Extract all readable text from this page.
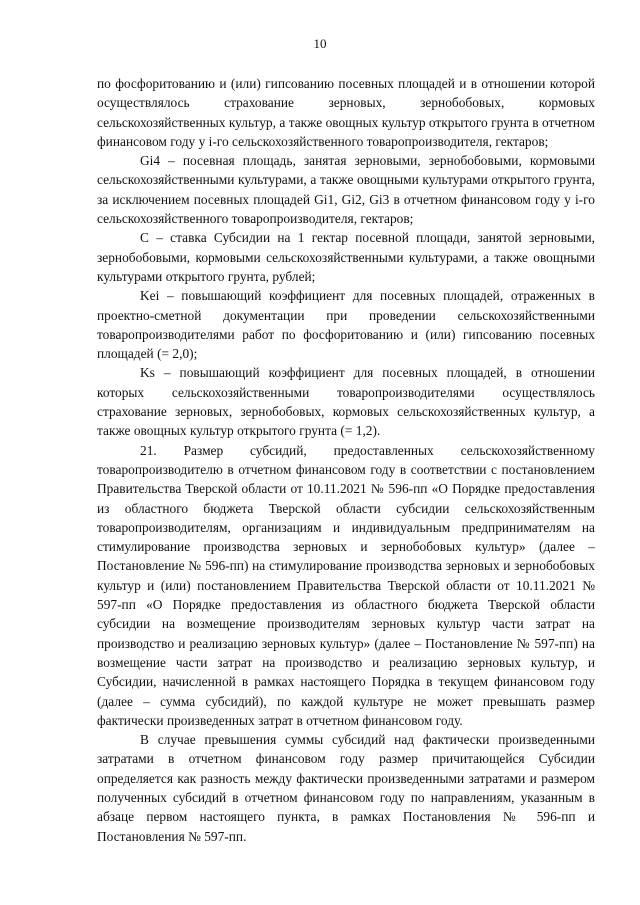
10

по фосфоритованию и (или) гипсованию посевных площадей и в отношении которой осуществлялось страхование зерновых, зернобобовых, кормовых сельскохозяйственных культур, а также овощных культур открытого грунта в отчетном финансовом году у i-го сельскохозяйственного товаропроизводителя, гектаров;

Gi4 – посевная площадь, занятая зерновыми, зернобобовыми, кормовыми сельскохозяйственными культурами, а также овощными культурами открытого грунта, за исключением посевных площадей Gi1, Gi2, Gi3 в отчетном финансовом году у i-го сельскохозяйственного товаропроизводителя, гектаров;

C – ставка Субсидии на 1 гектар посевной площади, занятой зерновыми, зернобобовыми, кормовыми сельскохозяйственными культурами, а также овощными культурами открытого грунта, рублей;

Kei – повышающий коэффициент для посевных площадей, отраженных в проектно-сметной документации при проведении сельскохозяйственными товаропроизводителями работ по фосфоритованию и (или) гипсованию посевных площадей (= 2,0);

Ks – повышающий коэффициент для посевных площадей, в отношении которых сельскохозяйственными товаропроизводителями осуществлялось страхование зерновых, зернобобовых, кормовых сельскохозяйственных культур, а также овощных культур открытого грунта (= 1,2).

21. Размер субсидий, предоставленных сельскохозяйственному товаропроизводителю в отчетном финансовом году в соответствии с постановлением Правительства Тверской области от 10.11.2021 № 596-пп «О Порядке предоставления из областного бюджета Тверской области субсидии сельскохозяйственным товаропроизводителям, организациям и индивидуальным предпринимателям на стимулирование производства зерновых и зернобобовых культур» (далее – Постановление № 596-пп) на стимулирование производства зерновых и зернобобовых культур и (или) постановлением Правительства Тверской области от 10.11.2021 № 597-пп «О Порядке предоставления из областного бюджета Тверской области субсидии на возмещение производителям зерновых культур части затрат на производство и реализацию зерновых культур» (далее – Постановление № 597-пп) на возмещение части затрат на производство и реализацию зерновых культур, и Субсидии, начисленной в рамках настоящего Порядка в текущем финансовом году (далее – сумма субсидий), по каждой культуре не может превышать размер фактически произведенных затрат в отчетном финансовом году.

В случае превышения суммы субсидий над фактически произведенными затратами в отчетном финансовом году размер причитающейся Субсидии определяется как разность между фактически произведенными затратами и размером полученных субсидий в отчетном финансовом году по направлениям, указанным в абзаце первом настоящего пункта, в рамках Постановления № 596-пп и Постановления № 597-пп.
